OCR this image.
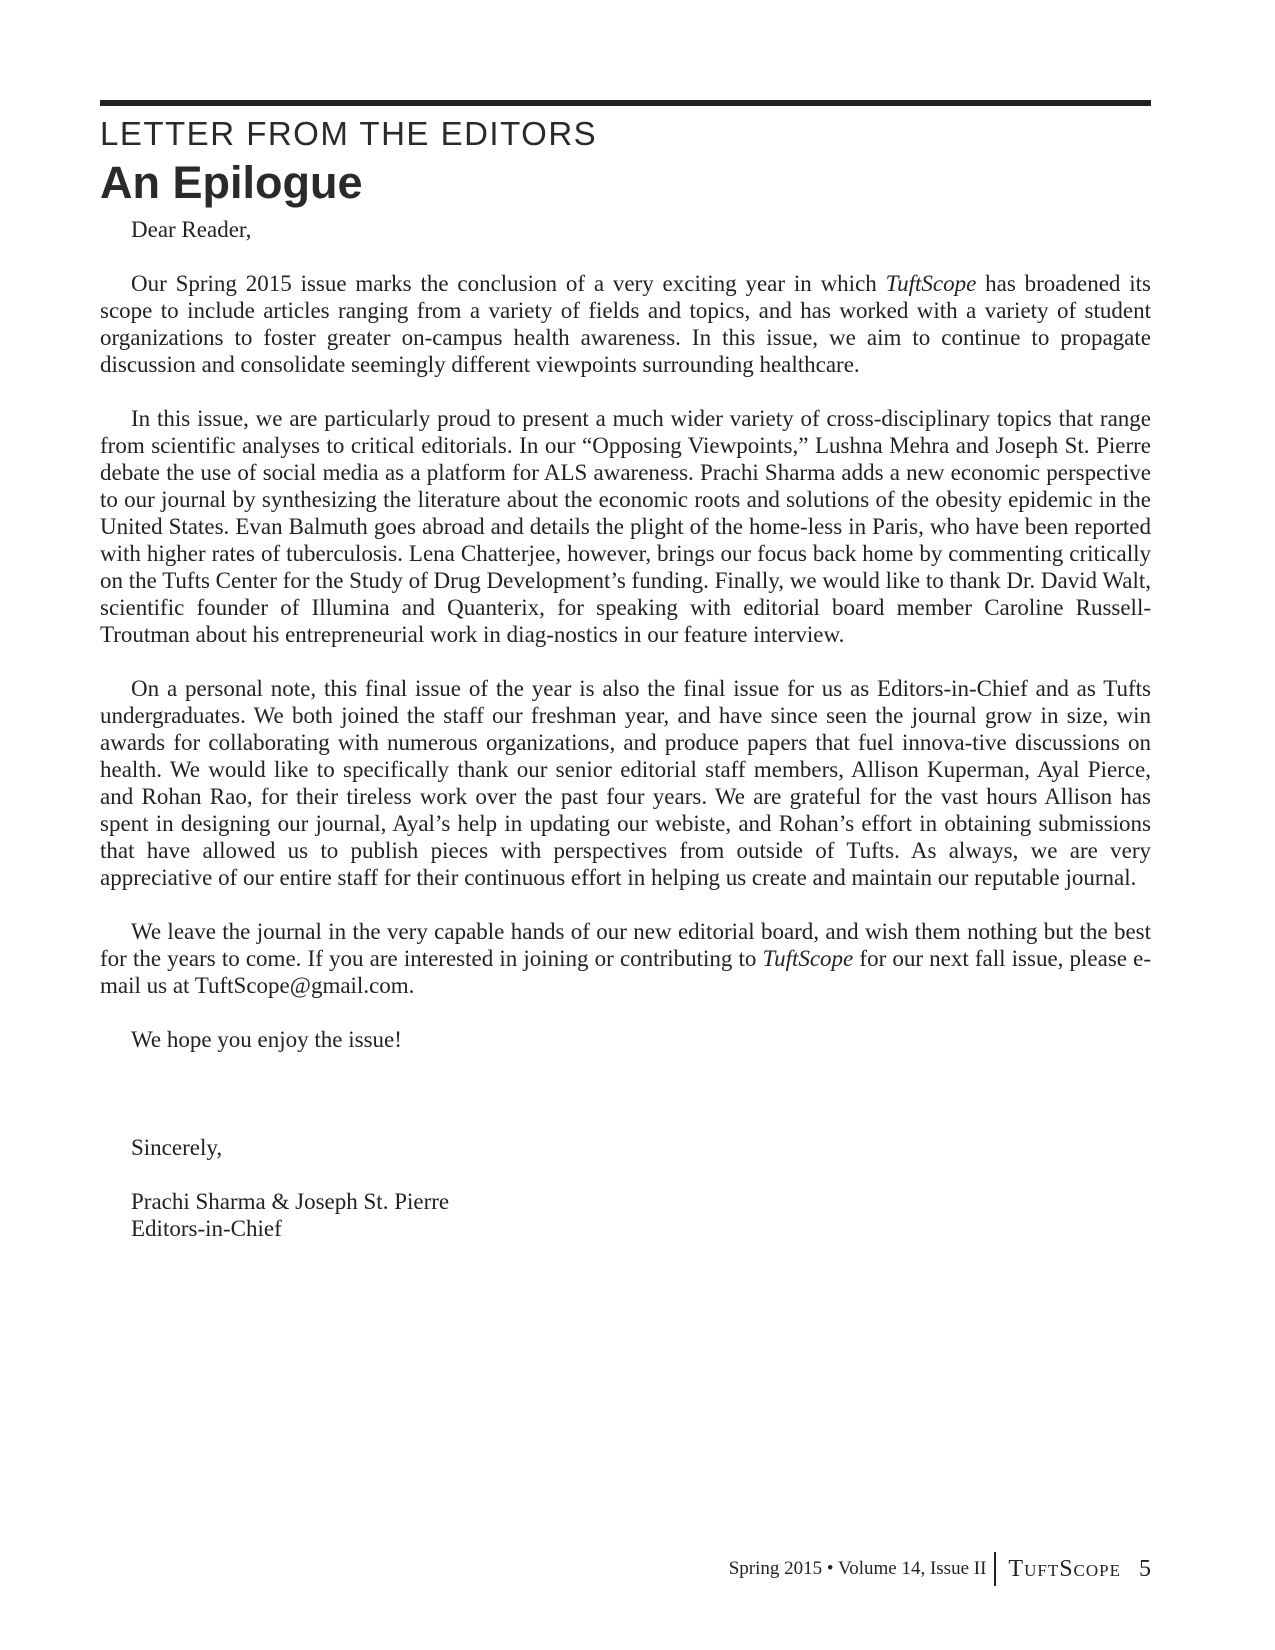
LETTER FROM THE EDITORS
An Epilogue

Dear Reader,

Our Spring 2015 issue marks the conclusion of a very exciting year in which TuftScope has broadened its scope to include articles ranging from a variety of fields and topics, and has worked with a variety of student organizations to foster greater on-campus health awareness. In this issue, we aim to continue to propagate discussion and consolidate seemingly different viewpoints surrounding healthcare.

In this issue, we are particularly proud to present a much wider variety of cross-disciplinary topics that range from scientific analyses to critical editorials. In our “Opposing Viewpoints,” Lushna Mehra and Joseph St. Pierre debate the use of social media as a platform for ALS awareness. Prachi Sharma adds a new economic perspective to our journal by synthesizing the literature about the economic roots and solutions of the obesity epidemic in the United States. Evan Balmuth goes abroad and details the plight of the home-less in Paris, who have been reported with higher rates of tuberculosis. Lena Chatterjee, however, brings our focus back home by commenting critically on the Tufts Center for the Study of Drug Development’s funding. Finally, we would like to thank Dr. David Walt, scientific founder of Illumina and Quanterix, for speaking with editorial board member Caroline Russell-Troutman about his entrepreneurial work in diag-nostics in our feature interview.

On a personal note, this final issue of the year is also the final issue for us as Editors-in-Chief and as Tufts undergraduates. We both joined the staff our freshman year, and have since seen the journal grow in size, win awards for collaborating with numerous organizations, and produce papers that fuel innova-tive discussions on health. We would like to specifically thank our senior editorial staff members, Allison Kuperman, Ayal Pierce, and Rohan Rao, for their tireless work over the past four years. We are grateful for the vast hours Allison has spent in designing our journal, Ayal’s help in updating our webiste, and Rohan’s effort in obtaining submissions that have allowed us to publish pieces with perspectives from outside of Tufts. As always, we are very appreciative of our entire staff for their continuous effort in helping us create and maintain our reputable journal.

We leave the journal in the very capable hands of our new editorial board, and wish them nothing but the best for the years to come. If you are interested in joining or contributing to TuftScope for our next fall issue, please e-mail us at TuftScope@gmail.com.

We hope you enjoy the issue!

Sincerely,

Prachi Sharma & Joseph St. Pierre
Editors-in-Chief
Spring 2015 • Volume 14, Issue II TuftScope 5
